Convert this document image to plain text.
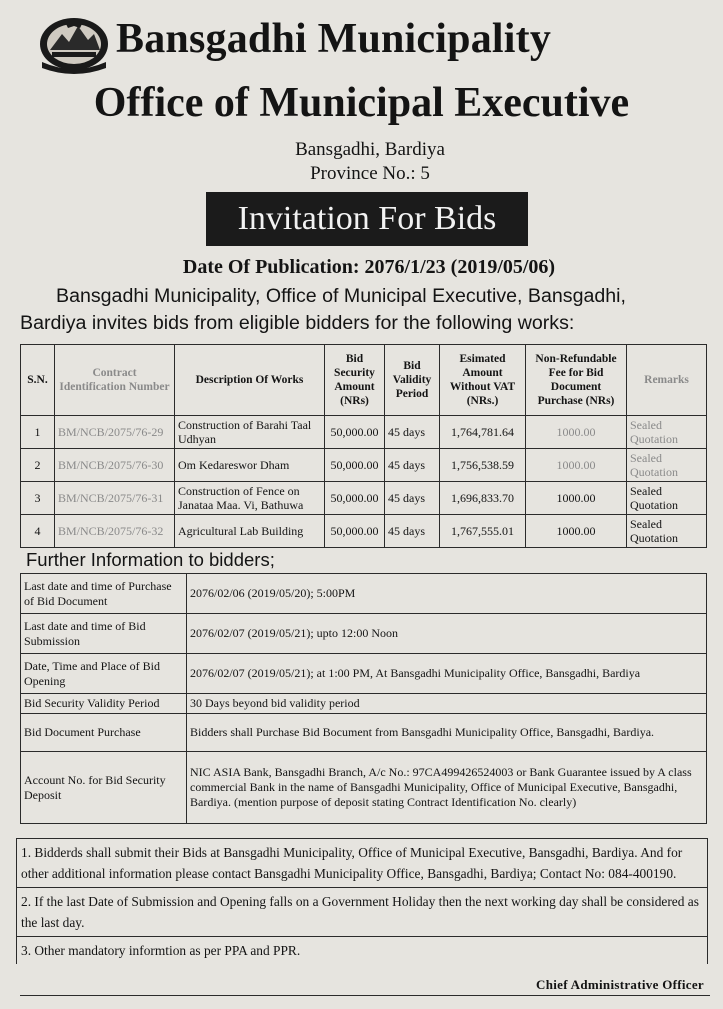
Bansgadhi Municipality
Office of Municipal Executive
Bansgadhi, Bardiya
Province No.: 5
Invitation For Bids
Date Of Publication: 2076/1/23 (2019/05/06)
Bansgadhi Municipality, Office of Municipal Executive, Bansgadhi,
Bardiya invites bids from eligible bidders for the following works:
S.N.	Contract Identification Number	Description Of Works	Bid Security Amount (NRs)	Bid Validity Period	Esimated Amount Without VAT (NRs.)	Non-Refundable Fee for Bid Document Purchase (NRs)	Remarks
1	BM/NCB/2075/76-29	Construction of Barahi Taal Udhyan	50,000.00	45 days	1,764,781.64	1000.00	Sealed Quotation
2	BM/NCB/2075/76-30	Om Kedareswor Dham	50,000.00	45 days	1,756,538.59	1000.00	Sealed Quotation
3	BM/NCB/2075/76-31	Construction of Fence on Janataa Maa. Vi, Bathuwa	50,000.00	45 days	1,696,833.70	1000.00	Sealed Quotation
4	BM/NCB/2075/76-32	Agricultural Lab Building	50,000.00	45 days	1,767,555.01	1000.00	Sealed Quotation
Further Information to bidders;
Last date and time of Purchase of Bid Document	2076/02/06 (2019/05/20); 5:00PM
Last date and time of Bid Submission	2076/02/07 (2019/05/21); upto 12:00 Noon
Date, Time and Place of Bid Opening	2076/02/07 (2019/05/21); at 1:00 PM, At Bansgadhi Municipality Office, Bansgadhi, Bardiya
Bid Security Validity Period	30 Days beyond bid validity period
Bid Document Purchase	Bidders shall Purchase Bid Bocument from Bansgadhi Municipality Office, Bansgadhi, Bardiya.
Account No. for Bid Security Deposit	NIC ASIA Bank, Bansgadhi Branch, A/c No.: 97CA499426524003 or Bank Guarantee issued by A class commercial Bank in the name of Bansgadhi Municipality, Office of Municipal Executive, Bansgadhi, Bardiya. (mention purpose of deposit stating Contract Identification No. clearly)
1. Bidderds shall submit their Bids at Bansgadhi Municipality, Office of Municipal Executive, Bansgadhi, Bardiya. And for other additional information please contact Bansgadhi Municipality Office, Bansgadhi, Bardiya; Contact No: 084-400190.
2. If the last Date of Submission and Opening falls on a Government Holiday then the next working day shall be considered as the last day.
3. Other mandatory informtion as per PPA and PPR.
Chief Administrative Officer
